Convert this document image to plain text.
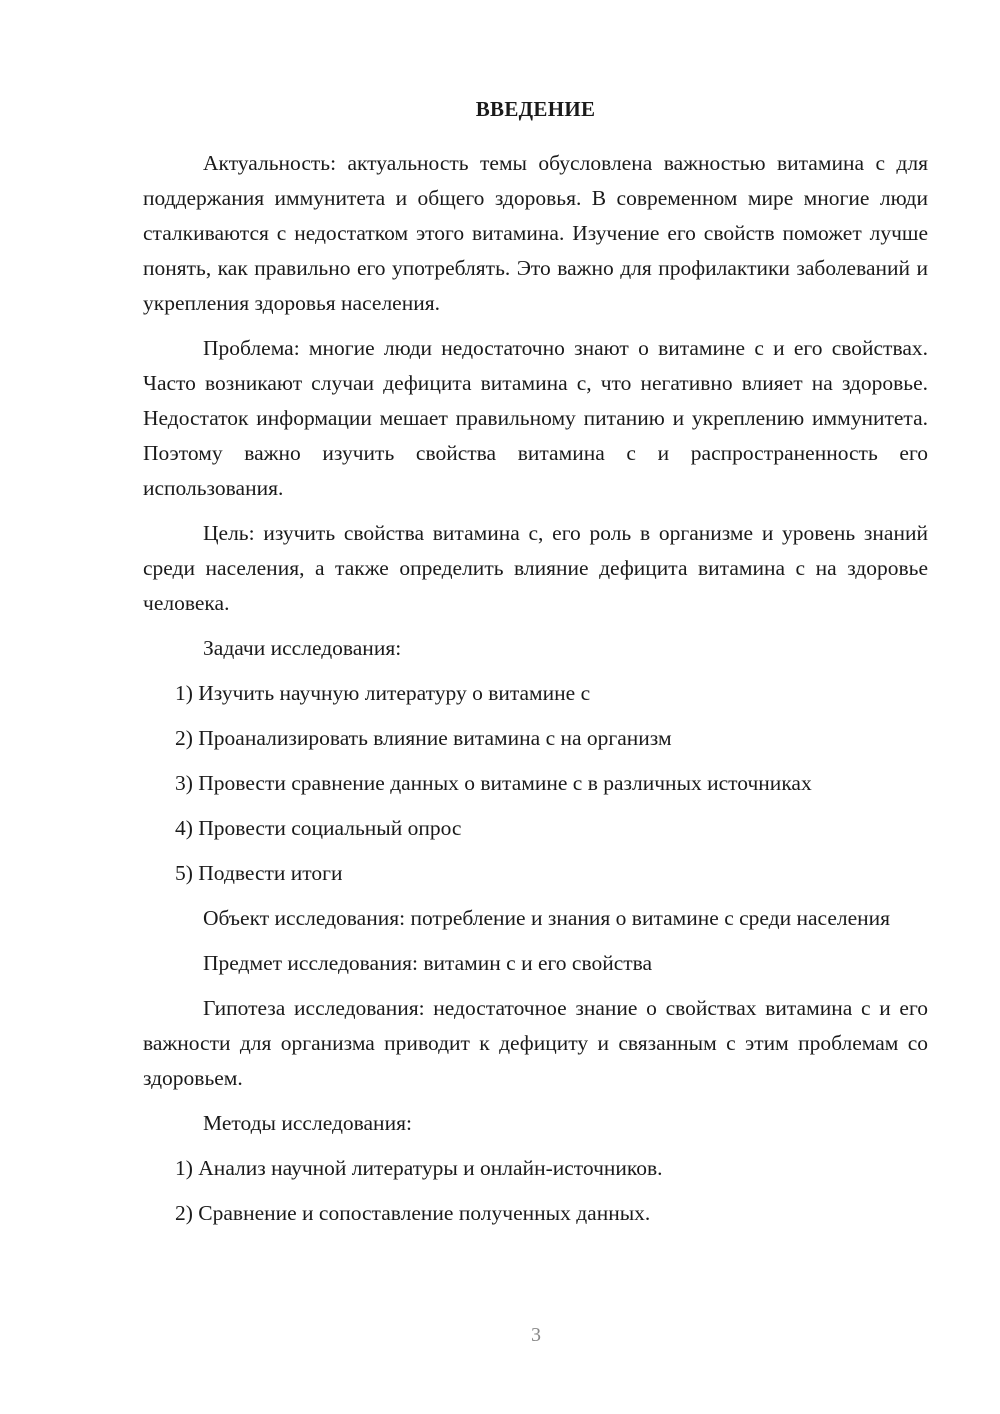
ВВЕДЕНИЕ

Актуальность: актуальность темы обусловлена важностью витамина с для поддержания иммунитета и общего здоровья. В современном мире многие люди сталкиваются с недостатком этого витамина. Изучение его свойств поможет лучше понять, как правильно его употреблять. Это важно для профилактики заболеваний и укрепления здоровья населения.

Проблема: многие люди недостаточно знают о витамине с и его свойствах. Часто возникают случаи дефицита витамина с, что негативно влияет на здоровье. Недостаток информации мешает правильному питанию и укреплению иммунитета. Поэтому важно изучить свойства витамина с и распространенность его использования.

Цель: изучить свойства витамина с, его роль в организме и уровень знаний среди населения, а также определить влияние дефицита витамина с на здоровье человека.

Задачи исследования:

1) Изучить научную литературу о витамине с
2) Проанализировать влияние витамина с на организм
3) Провести сравнение данных о витамине с в различных источниках
4) Провести социальный опрос
5) Подвести итоги

Объект исследования: потребление и знания о витамине с среди населения

Предмет исследования: витамин с и его свойства

Гипотеза исследования: недостаточное знание о свойствах витамина с и его важности для организма приводит к дефициту и связанным с этим проблемам со здоровьем.

Методы исследования:

1) Анализ научной литературы и онлайн-источников.
2) Сравнение и сопоставление полученных данных.
3
